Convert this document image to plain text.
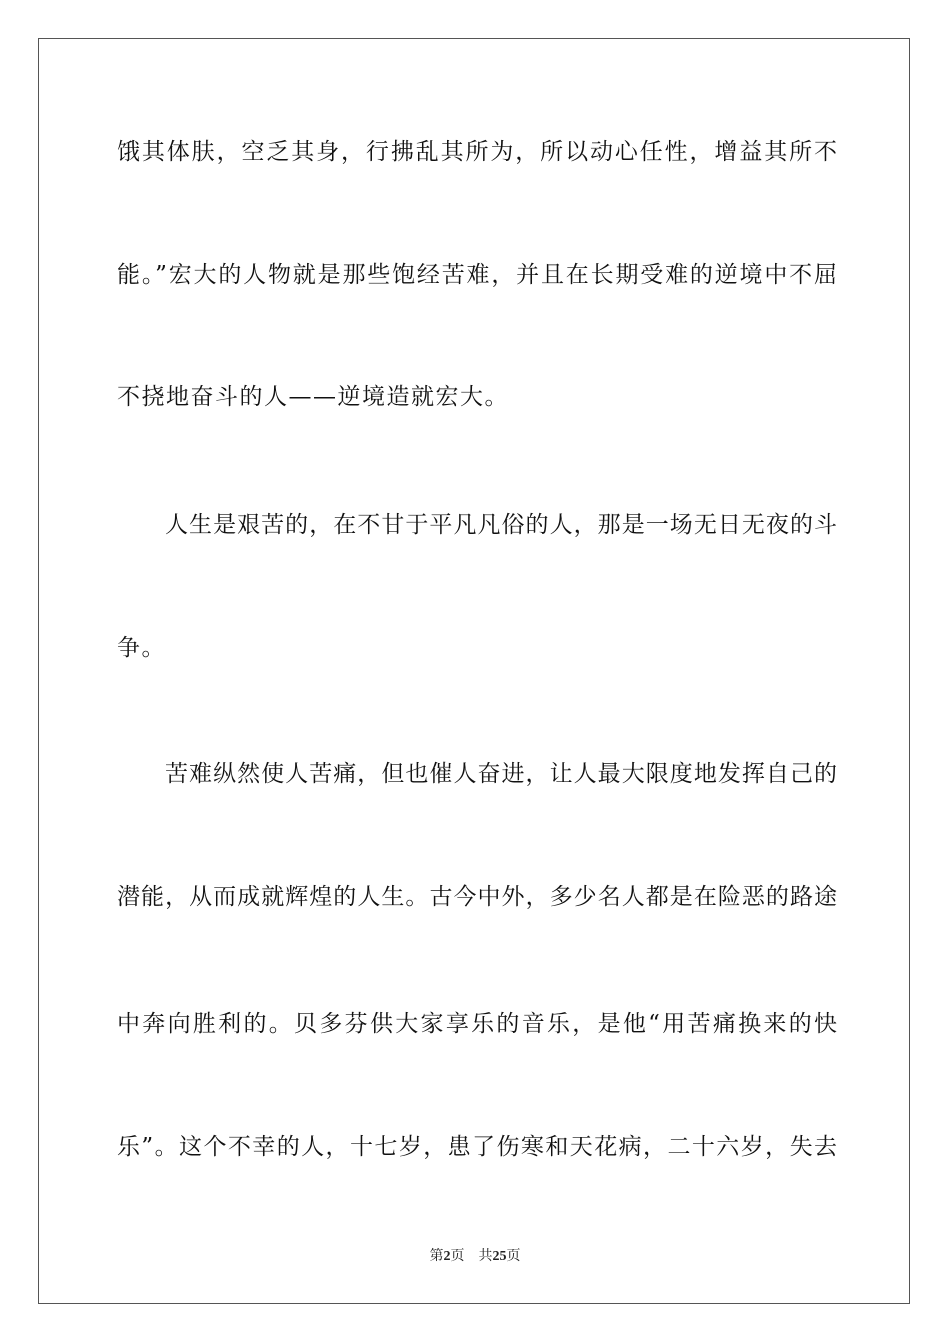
饿其体肤，空乏其身，行拂乱其所为，所以动心任性，增益其所不

能。”宏大的人物就是那些饱经苦难，并且在长期受难的逆境中不屈

不挠地奋斗的人——逆境造就宏大。

人生是艰苦的，在不甘于平凡凡俗的人，那是一场无日无夜的斗

争。

苦难纵然使人苦痛，但也催人奋进，让人最大限度地发挥自己的

潜能，从而成就辉煌的人生。古今中外，多少名人都是在险恶的路途

中奔向胜利的。贝多芬供大家享乐的音乐，是他“用苦痛换来的快

乐”。这个不幸的人，十七岁，患了伤寒和天花病，二十六岁，失去

第2页 共25页
